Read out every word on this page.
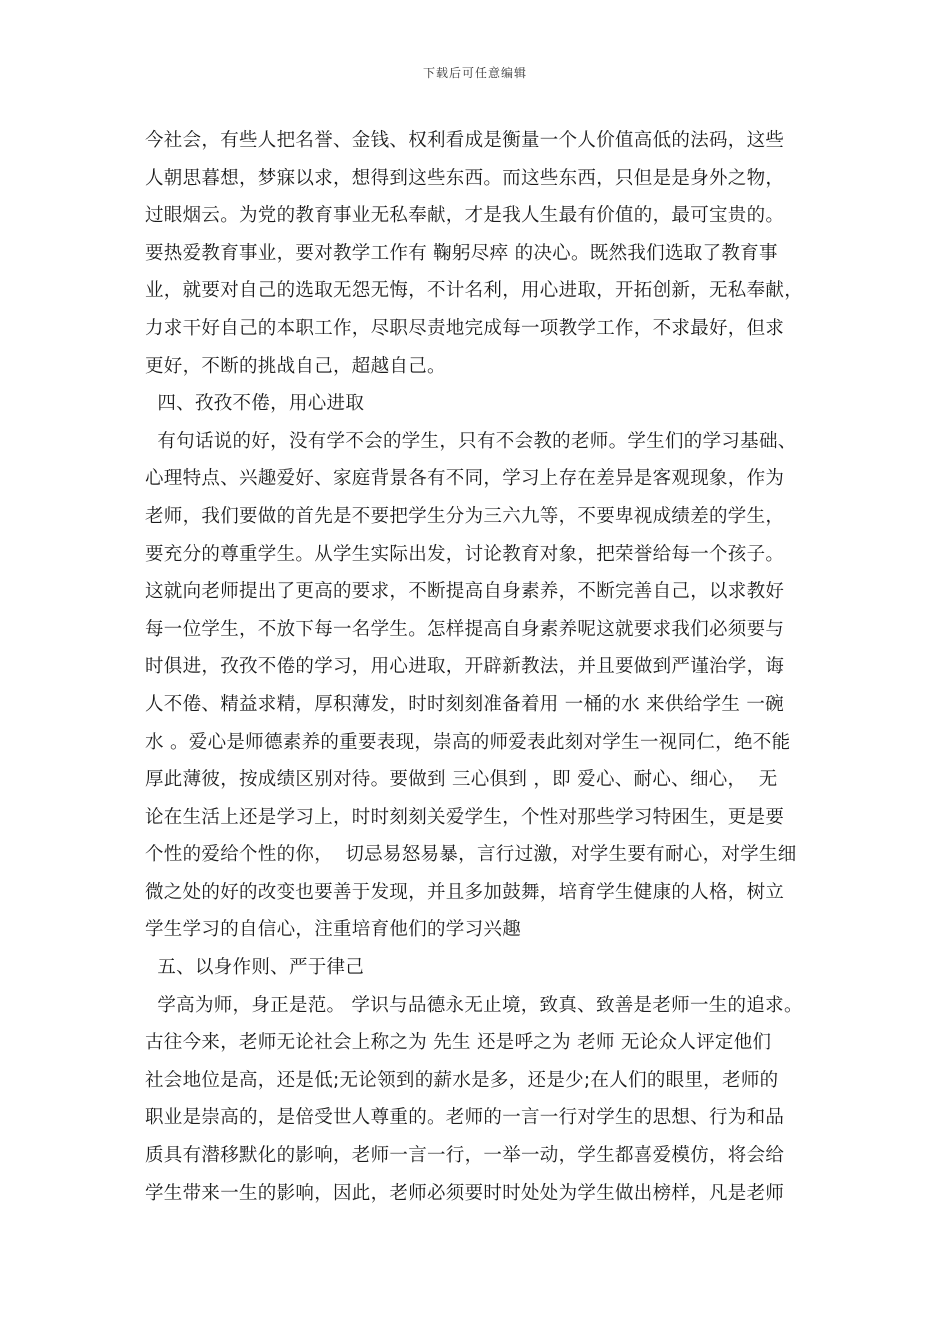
下载后可任意编辑
今社会，有些人把名誉、金钱、权利看成是衡量一个人价值高低的法码，这些
人朝思暮想，梦寐以求，想得到这些东西。而这些东西，只但是是身外之物，
过眼烟云。为党的教育事业无私奉献，才是我人生最有价值的，最可宝贵的。
要热爱教育事业，要对教学工作有 鞠躬尽瘁 的决心。既然我们选取了教育事
业，就要对自己的选取无怨无悔，不计名利，用心进取，开拓创新，无私奉献，
力求干好自己的本职工作，尽职尽责地完成每一项教学工作，不求最好，但求
更好，不断的挑战自己，超越自己。
四、孜孜不倦，用心进取
有句话说的好，没有学不会的学生，只有不会教的老师。学生们的学习基础、
心理特点、兴趣爱好、家庭背景各有不同，学习上存在差异是客观现象，作为
老师，我们要做的首先是不要把学生分为三六九等，不要卑视成绩差的学生，
要充分的尊重学生。从学生实际出发，讨论教育对象，把荣誉给每一个孩子。
这就向老师提出了更高的要求，不断提高自身素养，不断完善自己，以求教好
每一位学生，不放下每一名学生。怎样提高自身素养呢这就要求我们必须要与
时俱进，孜孜不倦的学习，用心进取，开辟新教法，并且要做到严谨治学，诲
人不倦、精益求精，厚积薄发，时时刻刻准备着用 一桶的水 来供给学生 一碗
水 。爱心是师德素养的重要表现，崇高的师爱表此刻对学生一视同仁，绝不能
厚此薄彼，按成绩区别对待。要做到 三心俱到 ，即 爱心、耐心、细心，  无
论在生活上还是学习上，时时刻刻关爱学生，个性对那些学习特困生，更是要
个性的爱给个性的你，  切忌易怒易暴，言行过激，对学生要有耐心，对学生细
微之处的好的改变也要善于发现，并且多加鼓舞，培育学生健康的人格，树立
学生学习的自信心，注重培育他们的学习兴趣
五、以身作则、严于律己
学高为师，身正是范。 学识与品德永无止境，致真、致善是老师一生的追求。
古往今来，老师无论社会上称之为 先生 还是呼之为 老师 无论众人评定他们
社会地位是高，还是低;无论领到的薪水是多，还是少;在人们的眼里，老师的
职业是崇高的，是倍受世人尊重的。老师的一言一行对学生的思想、行为和品
质具有潜移默化的影响，老师一言一行，一举一动，学生都喜爱模仿，将会给
学生带来一生的影响，因此，老师必须要时时处处为学生做出榜样，凡是老师
